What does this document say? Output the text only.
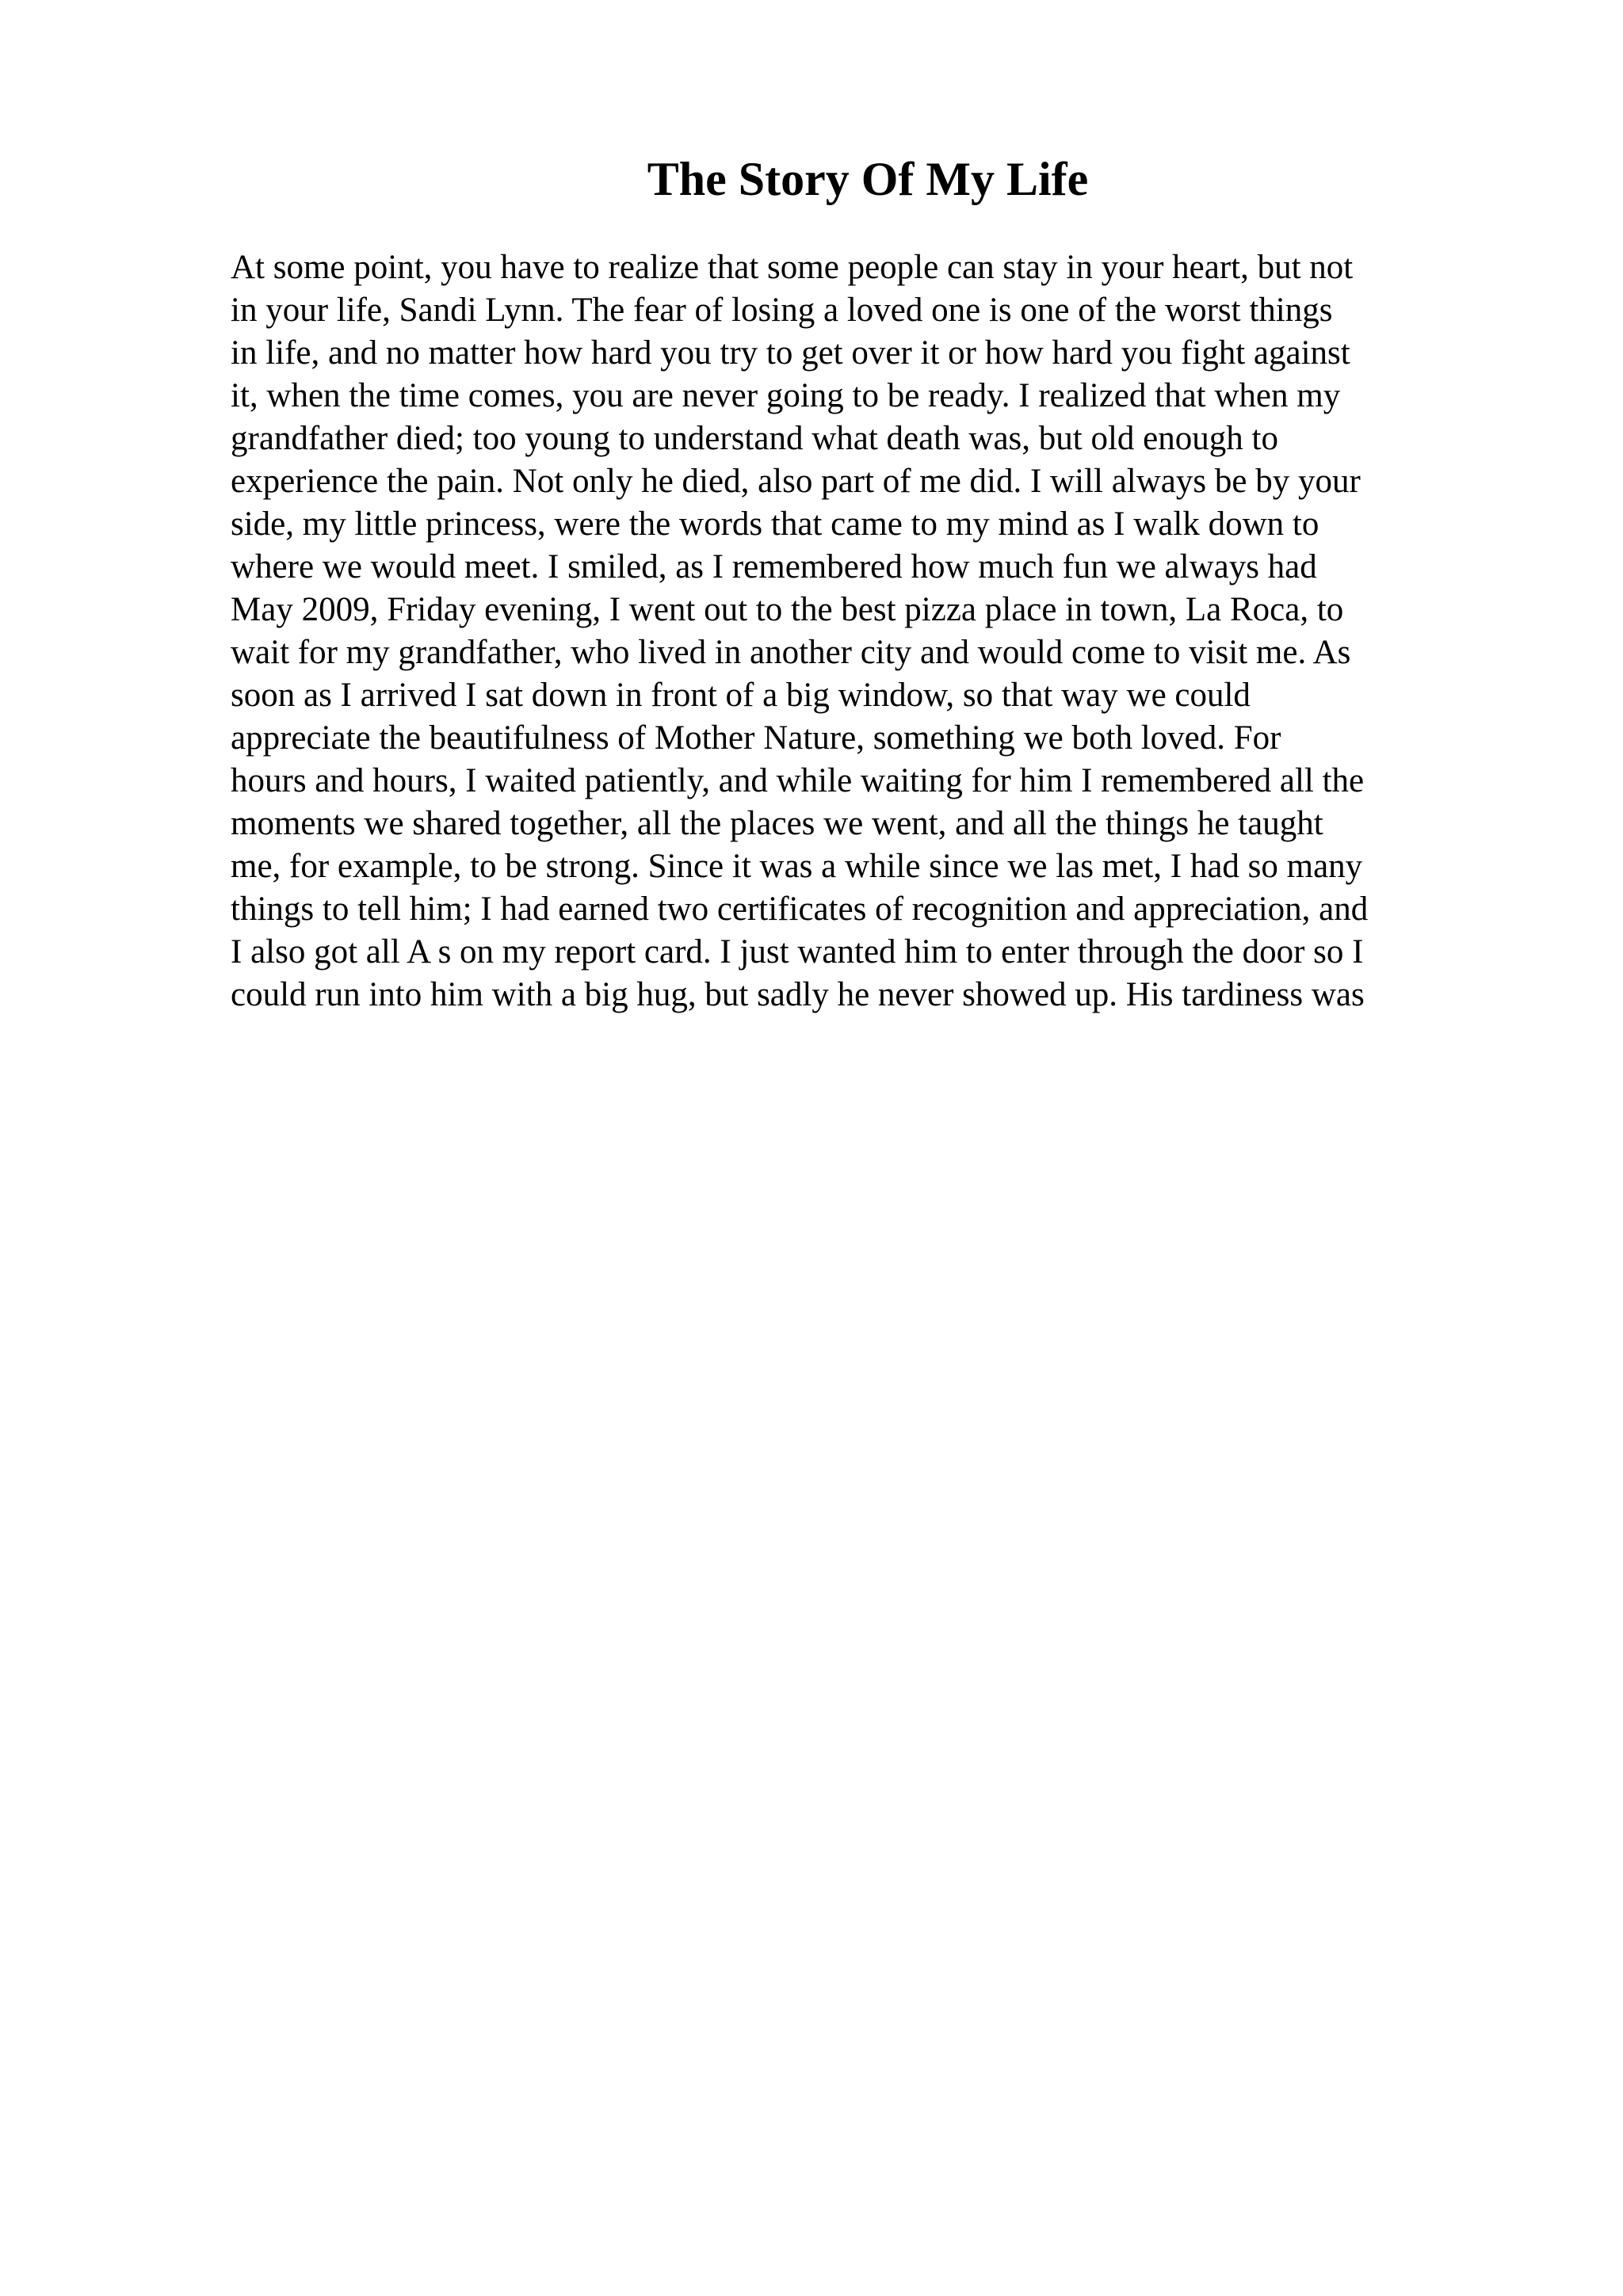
The Story Of My Life
At some point, you have to realize that some people can stay in your heart, but not
in your life, Sandi Lynn. The fear of losing a loved one is one of the worst things
in life, and no matter how hard you try to get over it or how hard you fight against
it, when the time comes, you are never going to be ready. I realized that when my
grandfather died; too young to understand what death was, but old enough to
experience the pain. Not only he died, also part of me did. I will always be by your
side, my little princess, were the words that came to my mind as I walk down to
where we would meet. I smiled, as I remembered how much fun we always had
May 2009, Friday evening, I went out to the best pizza place in town, La Roca, to
wait for my grandfather, who lived in another city and would come to visit me. As
soon as I arrived I sat down in front of a big window, so that way we could
appreciate the beautifulness of Mother Nature, something we both loved. For
hours and hours, I waited patiently, and while waiting for him I remembered all the
moments we shared together, all the places we went, and all the things he taught
me, for example, to be strong. Since it was a while since we las met, I had so many
things to tell him; I had earned two certificates of recognition and appreciation, and
I also got all A s on my report card. I just wanted him to enter through the door so I
could run into him with a big hug, but sadly he never showed up. His tardiness was
